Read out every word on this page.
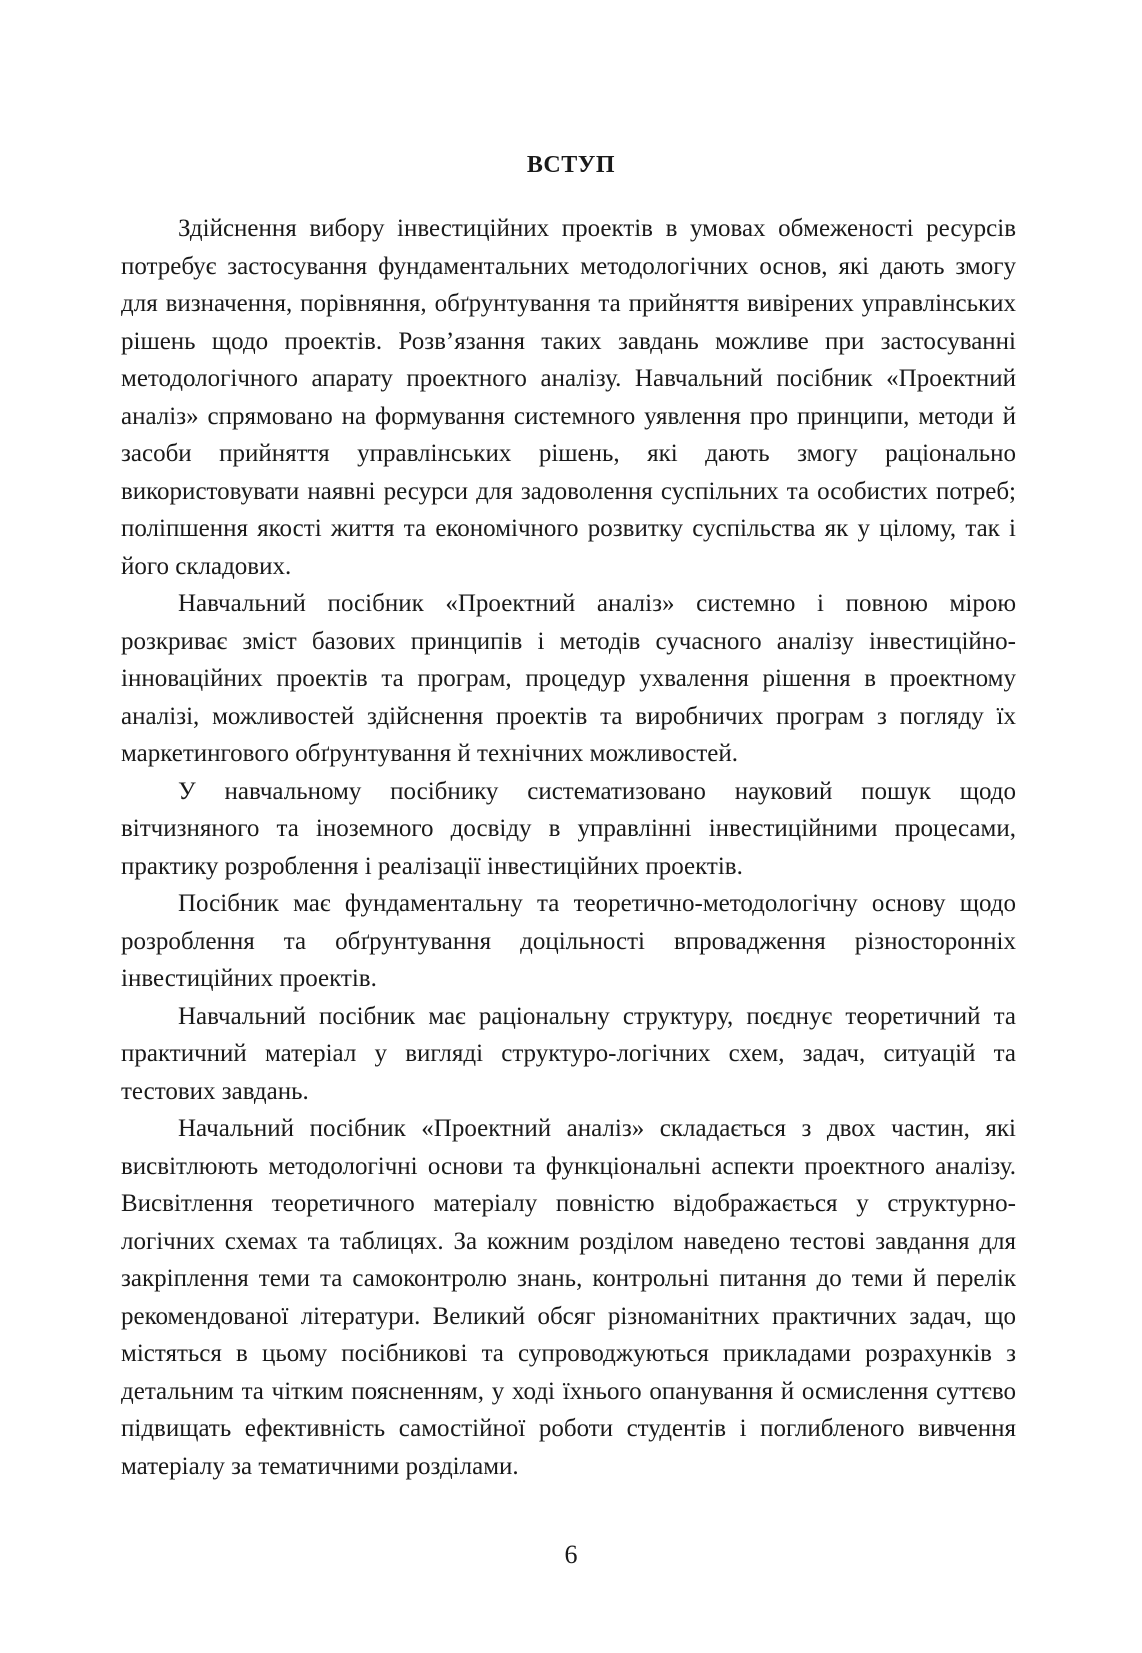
ВСТУП

Здійснення вибору інвестиційних проектів в умовах обмеженості ресурсів потребує застосування фундаментальних методологічних основ, які дають змогу для визначення, порівняння, обґрунтування та прийняття вивірених управлінських рішень щодо проектів. Розв’язання таких завдань можливе при застосуванні методологічного апарату проектного аналізу. Навчальний посібник «Проектний аналіз» спрямовано на формування системного уявлення про принципи, методи й засоби прийняття управлінських рішень, які дають змогу раціонально використовувати наявні ресурси для задоволення суспільних та особистих потреб; поліпшення якості життя та економічного розвитку суспільства як у цілому, так і його складових.

Навчальний посібник «Проектний аналіз» системно і повною мірою розкриває зміст базових принципів і методів сучасного аналізу інвестиційно-інноваційних проектів та програм, процедур ухвалення рішення в проектному аналізі, можливостей здійснення проектів та виробничих програм з погляду їх маркетингового обґрунтування й технічних можливостей.

У навчальному посібнику систематизовано науковий пошук щодо вітчизняного та іноземного досвіду в управлінні інвестиційними процесами, практику розроблення і реалізації інвестиційних проектів.

Посібник має фундаментальну та теоретично-методологічну основу щодо розроблення та обґрунтування доцільності впровадження різносторонніх інвестиційних проектів.

Навчальний посібник має раціональну структуру, поєднує теоретичний та практичний матеріал у вигляді структуро-логічних схем, задач, ситуацій та тестових завдань.

Начальний посібник «Проектний аналіз» складається з двох частин, які висвітлюють методологічні основи та функціональні аспекти проектного аналізу. Висвітлення теоретичного матеріалу повністю відображається у структурно-логічних схемах та таблицях. За кожним розділом наведено тестові завдання для закріплення теми та самоконтролю знань, контрольні питання до теми й перелік рекомендованої літератури. Великий обсяг різноманітних практичних задач, що містяться в цьому посібникові та супроводжуються прикладами розрахунків з детальним та чітким поясненням, у ході їхнього опанування й осмислення суттєво підвищать ефективність самостійної роботи студентів і поглибленого вивчення матеріалу за тематичними розділами.

6
